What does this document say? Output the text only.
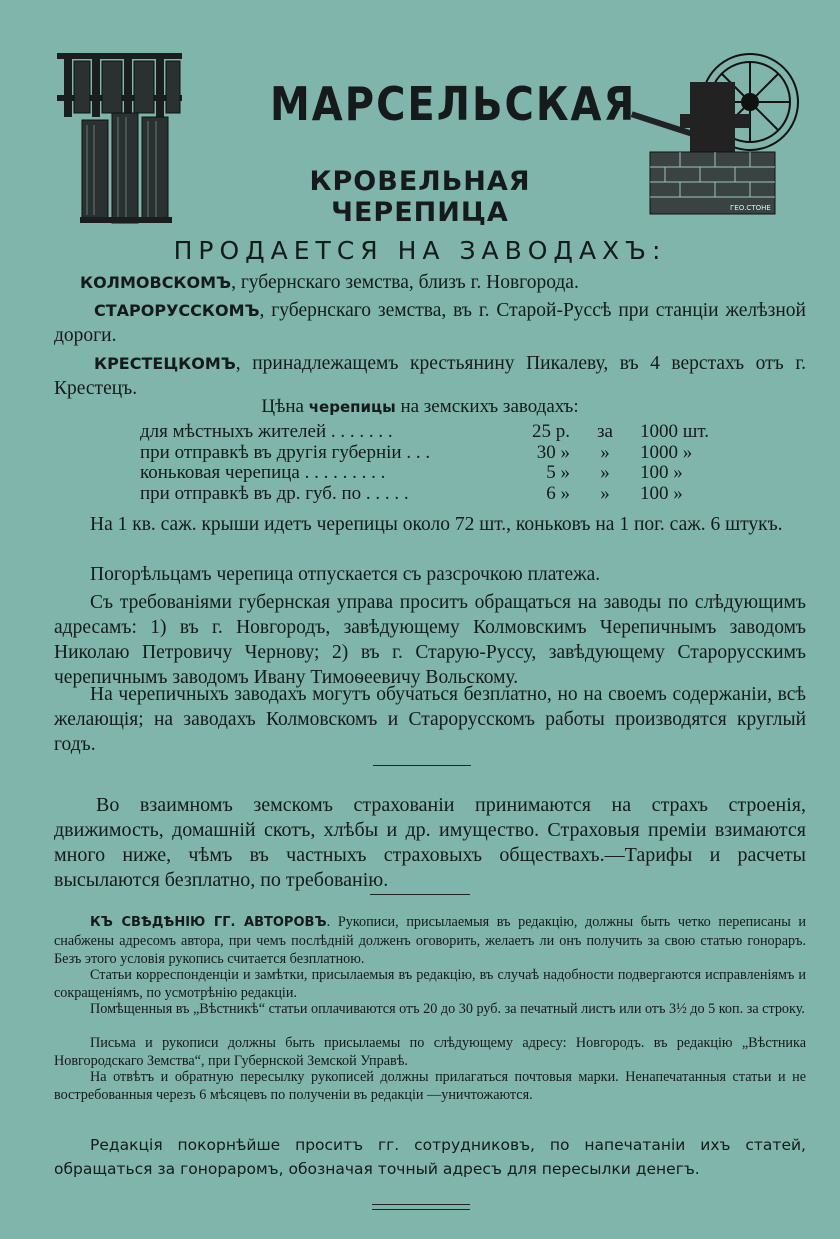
ГЕО.СТОНЕ
МАРСЕЛЬСКАЯ
КРОВЕЛЬНАЯ ЧЕРЕПИЦА
ПРОДАЕТСЯ НА ЗАВОДАХЪ:

КОЛМОВСКОМЪ, губернскаго земства, близъ г. Новгорода.

СТАРОРУССКОМЪ, губернскаго земства, въ г. Старой-Руссѣ при станціи желѣзной дороги.

КРЕСТЕЦКОМЪ, принадлежащемъ крестьянину Пикалеву, въ 4 верстахъ отъ г. Крестецъ.

Цѣна черепицы на земскихъ заводахъ:
для мѣстныхъ жителей . . . . . . .	25 р.	за	1000 шт.
при отправкѣ въ другія губерніи . . .	30 »	»	1000 »
коньковая черепица . . . . . . . . .	5 »	»	100 »
при отправкѣ въ др. губ. по . . . . .	6 »	»	100 »

На 1 кв. саж. крыши идетъ черепицы около 72 шт., коньковъ на 1 пог. саж. 6 штукъ.

Погорѣльцамъ черепица отпускается съ разсрочкою платежа.

Съ требованіями губернская управа проситъ обращаться на заводы по слѣдующимъ адресамъ: 1) въ г. Новгородъ, завѣдующему Колмовскимъ Черепичнымъ заводомъ Николаю Петровичу Чернову; 2) въ г. Старую-Руссу, завѣдующему Старорусскимъ черепичнымъ заводомъ Ивану Тимоѳеевичу Вольскому.

На черепичныхъ заводахъ могутъ обучаться безплатно, но на своемъ содержаніи, всѣ желающія; на заводахъ Колмовскомъ и Старорусскомъ работы производятся круглый годъ.

Во взаимномъ земскомъ страхованіи принимаются на страхъ строенія, движимость, домашній скотъ, хлѣбы и др. имущество. Страховыя преміи взимаются много ниже, чѣмъ въ частныхъ страховыхъ обществахъ.—Тарифы и расчеты высылаются безплатно, по требованію.

КЪ СВѢДѢНІЮ ГГ. АВТОРОВЪ. Рукописи, присылаемыя въ редакцію, должны быть четко переписаны и снабжены адресомъ автора, при чемъ послѣдній долженъ оговорить, желаетъ ли онъ получить за свою статью гонораръ. Безъ этого условія рукопись считается безплатною.

Статьи корреспонденціи и замѣтки, присылаемыя въ редакцію, въ случаѣ надобности подвергаются исправленіямъ и сокращеніямъ, по усмотрѣнію редакціи.

Помѣщенныя въ „Вѣстникѣ“ статьи оплачиваются отъ 20 до 30 руб. за печатный листъ или отъ 3½ до 5 коп. за строку.

Письма и рукописи должны быть присылаемы по слѣдующему адресу: Новгородъ. въ редакцію „Вѣстника Новгородскаго Земства“, при Губернской Земской Управѣ.

На отвѣтъ и обратную пересылку рукописей должны прилагаться почтовыя марки. Ненапечатанныя статьи и не востребованныя черезъ 6 мѣсяцевъ по полученіи въ редакціи —уничтожаются.

Редакція покорнѣйше проситъ гг. сотрудниковъ, по напечатаніи ихъ статей, обращаться за гонораромъ, обозначая точный адресъ для пересылки денегъ.
